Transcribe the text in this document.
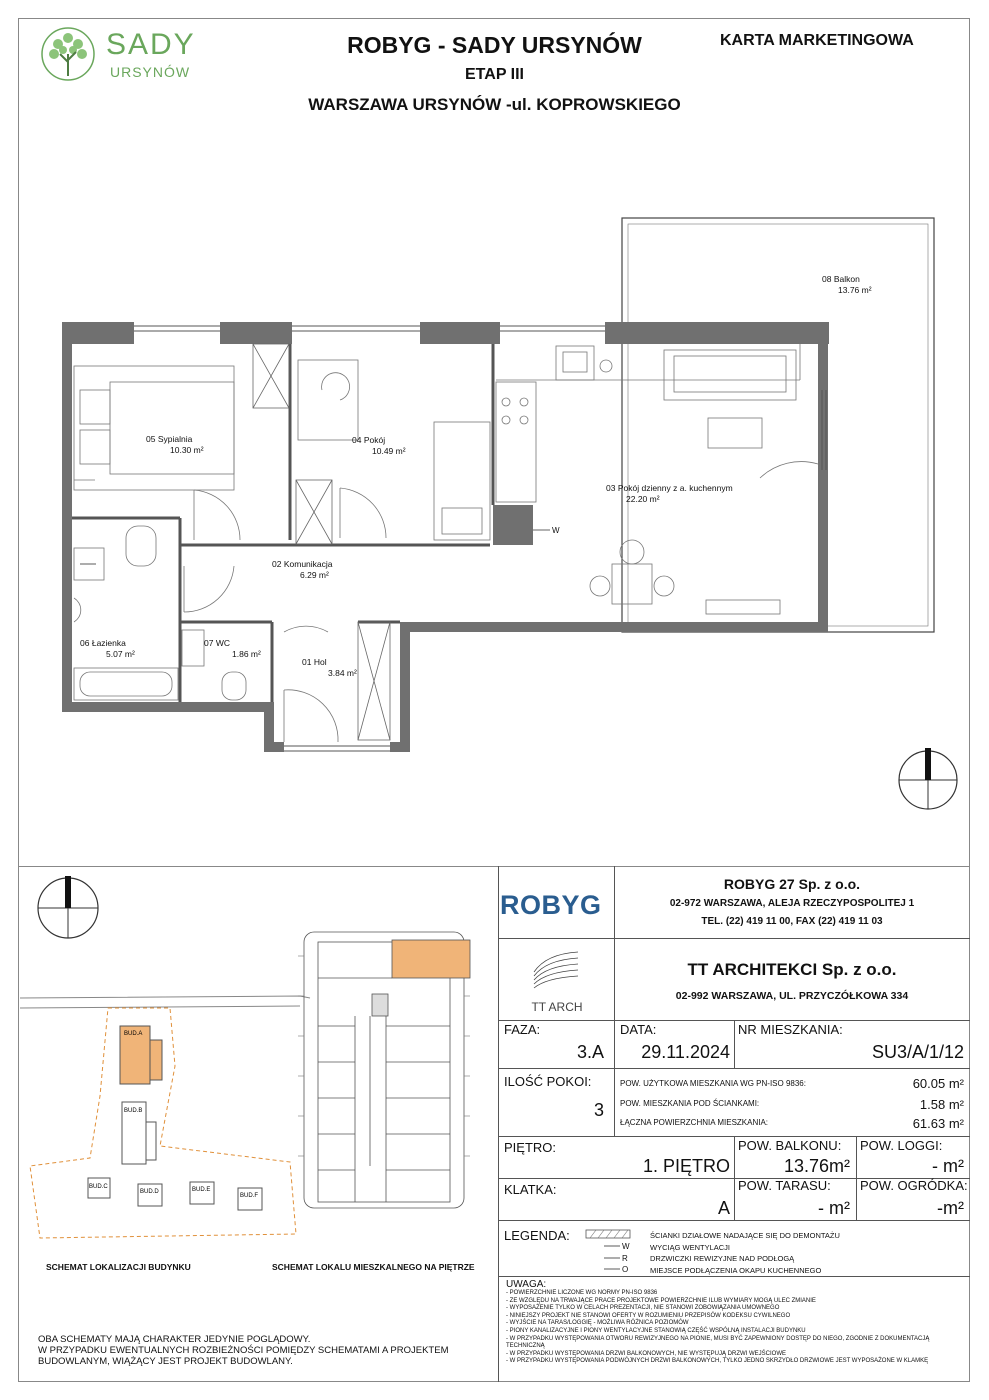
SADY
URSYNÓW
ROBYG - SADY URSYNÓW
ETAP III
WARSZAWA URSYNÓW -ul. KOPROWSKIEGO
KARTA MARKETINGOWA
05 Sypialnia
10.30 m²
04 Pokój
10.49 m²
03 Pokój dzienny z a. kuchennym
22.20 m²
02 Komunikacja
6.29 m²
06 Łazienka
5.07 m²
07 WC
1.86 m²
01 Hol
3.84 m²
08 Balkon
13.76 m²
W
BUD.A
BUD.B
BUD.C
BUD.D	BUD.E
BUD.F
SCHEMAT LOKALIZACJI BUDYNKU	SCHEMAT LOKALU MIESZKALNEGO NA PIĘTRZE
OBA SCHEMATY MAJĄ CHARAKTER JEDYNIE POGLĄDOWY.
W PRZYPADKU EWENTUALNYCH ROZBIEŻNOŚCI POMIĘDZY SCHEMATAMI A PROJEKTEM
BUDOWLANYM, WIĄŻĄCY JEST PROJEKT BUDOWLANY.
ROBYG
ROBYG 27 Sp. z o.o.
02-972 WARSZAWA, ALEJA RZECZYPOSPOLITEJ 1
TEL. (22) 419 11 00, FAX (22) 419 11 03
TT ARCH
TT ARCHITEKCI Sp. z o.o.
02-992 WARSZAWA, UL. PRZYCZÓŁKOWA 334
FAZA:
3.A
DATA:
29.11.2024
NR MIESZKANIA:
SU3/A/1/12
ILOŚĆ POKOI:
3
POW. UŻYTKOWA MIESZKANIA WG PN-ISO 9836:	60.05 m²
POW. MIESZKANIA POD ŚCIANKAMI:	1.58 m²
ŁĄCZNA POWIERZCHNIA MIESZKANIA:	61.63 m²
PIĘTRO:
1. PIĘTRO
POW. BALKONU:
13.76m²
POW. LOGGI:
- m²
KLATKA:
A
POW. TARASU:
- m²
POW. OGRÓDKA:
-m²
LEGENDA:
W
R
O
ŚCIANKI DZIAŁOWE NADAJĄCE SIĘ DO DEMONTAŻU
WYCIĄG WENTYLACJI
DRZWICZKI REWIZYJNE NAD PODŁOGĄ
MIEJSCE PODŁĄCZENIA OKAPU KUCHENNEGO
UWAGA:
- POWIERZCHNIE LICZONE WG NORMY PN-ISO 9836
- ZE WZGLĘDU NA TRWAJĄCE PRACE PROJEKTOWE POWIERZCHNIE ILUB WYMIARY MOGĄ ULEC ZMIANIE
- WYPOSAŻENIE TYLKO W CELACH PREZENTACJI, NIE STANOWI ZOBOWIĄZANIA UMOWNEGO
- NINIEJSZY PROJEKT NIE STANOWI OFERTY W ROZUMIENIU PRZEPISÓW KODEKSU CYWILNEGO
- WYJŚCIE NA TARAS/LOGGIĘ - MOŻLIWA RÓŻNICA POZIOMÓW
- PIONY KANALIZACYJNE I PIONY WENTYLACYJNE STANOWIĄ CZĘŚĆ WSPÓLNĄ INSTALACJI BUDYNKU
- W PRZYPADKU WYSTĘPOWANIA OTWORU REWIZYJNEGO NA PIONIE, MUSI BYĆ ZAPEWNIONY DOSTĘP DO NIEGO, ZGODNIE Z DOKUMENTACJĄ TECHNICZNĄ
- W PRZYPADKU WYSTĘPOWANIA DRZWI BALKONOWYCH, NIE WYSTĘPUJĄ DRZWI WEJŚCIOWE
- W PRZYPADKU WYSTĘPOWANIA PODWÓJNYCH DRZWI BALKONOWYCH, TYLKO JEDNO SKRZYDŁO DRZWIOWE JEST WYPOSAŻONE W KLAMKĘ
